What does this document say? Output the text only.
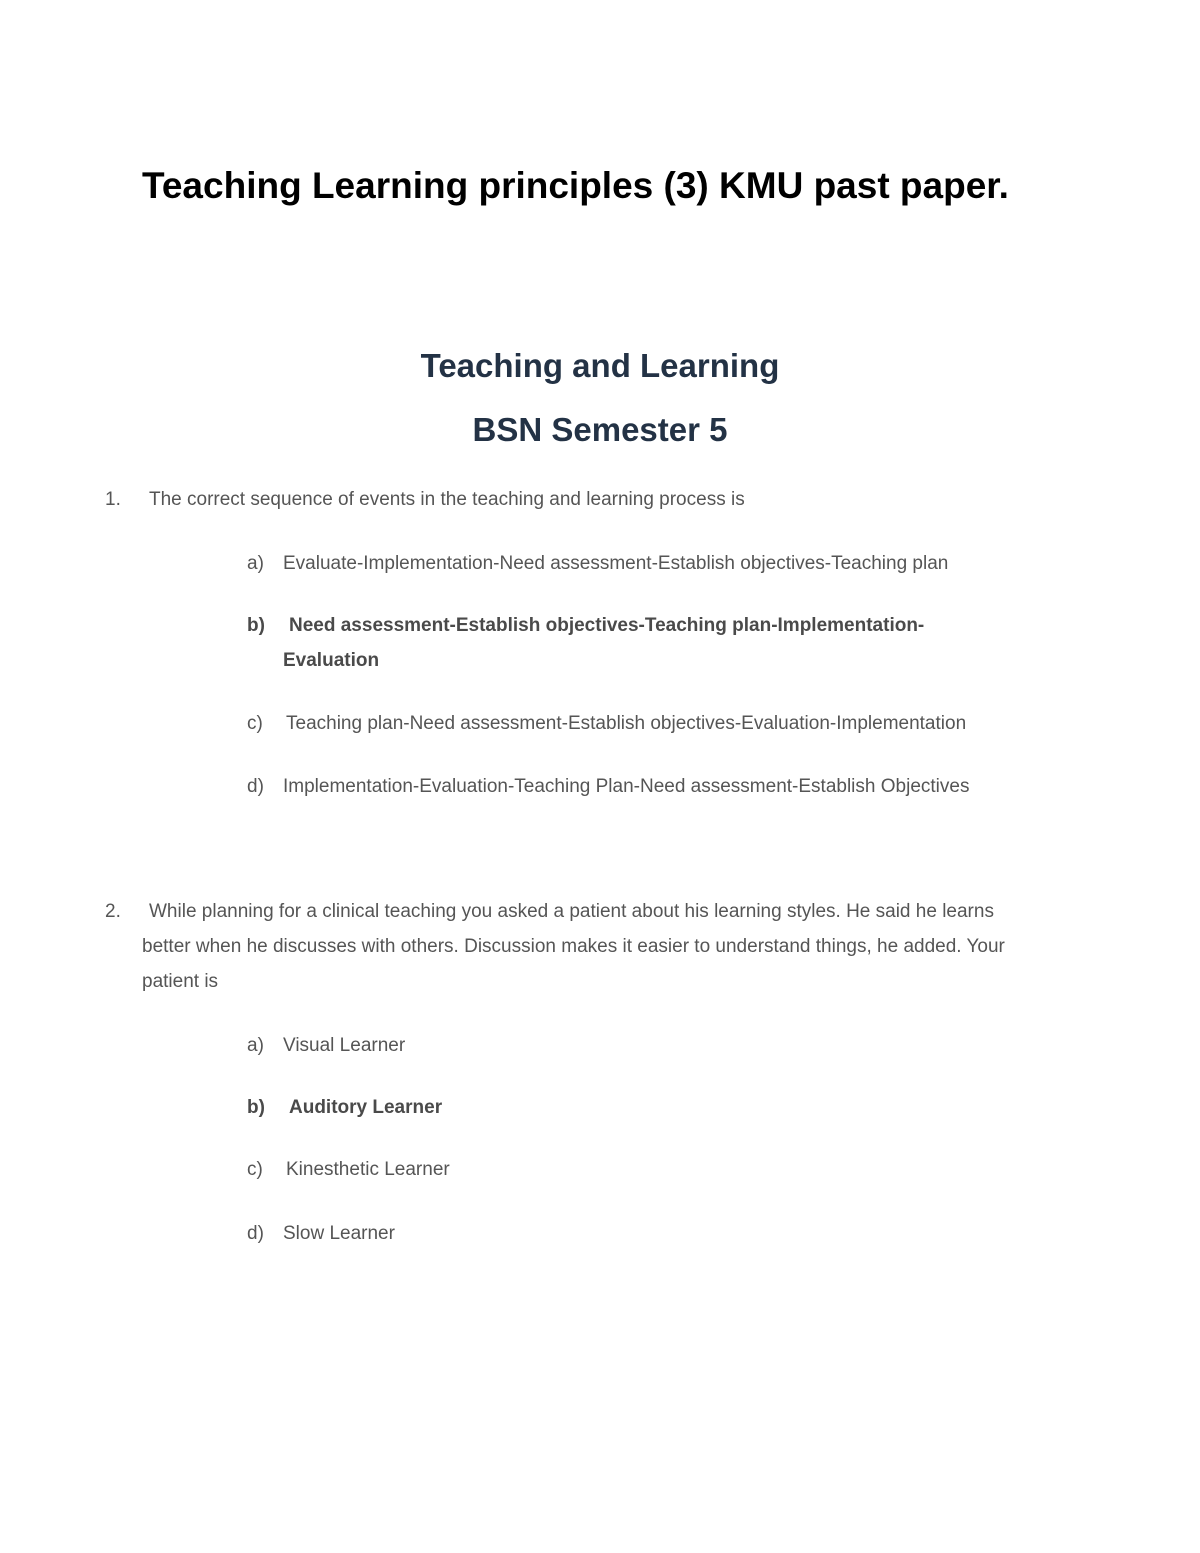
Teaching Learning principles (3) KMU past paper.
Teaching and Learning
BSN Semester 5
1.	The correct sequence of events in the teaching and learning process is
a)	Evaluate-Implementation-Need assessment-Establish objectives-Teaching plan
b)	Need assessment-Establish objectives-Teaching plan-Implementation-Evaluation
c)	Teaching plan-Need assessment-Establish objectives-Evaluation-Implementation
d)	Implementation-Evaluation-Teaching Plan-Need assessment-Establish Objectives
2.	While planning for a clinical teaching you asked a patient about his learning styles. He said he learns better when he discusses with others. Discussion makes it easier to understand things, he added. Your patient is
a)	Visual Learner
b)	Auditory Learner
c)	Kinesthetic Learner
d)	Slow Learner
